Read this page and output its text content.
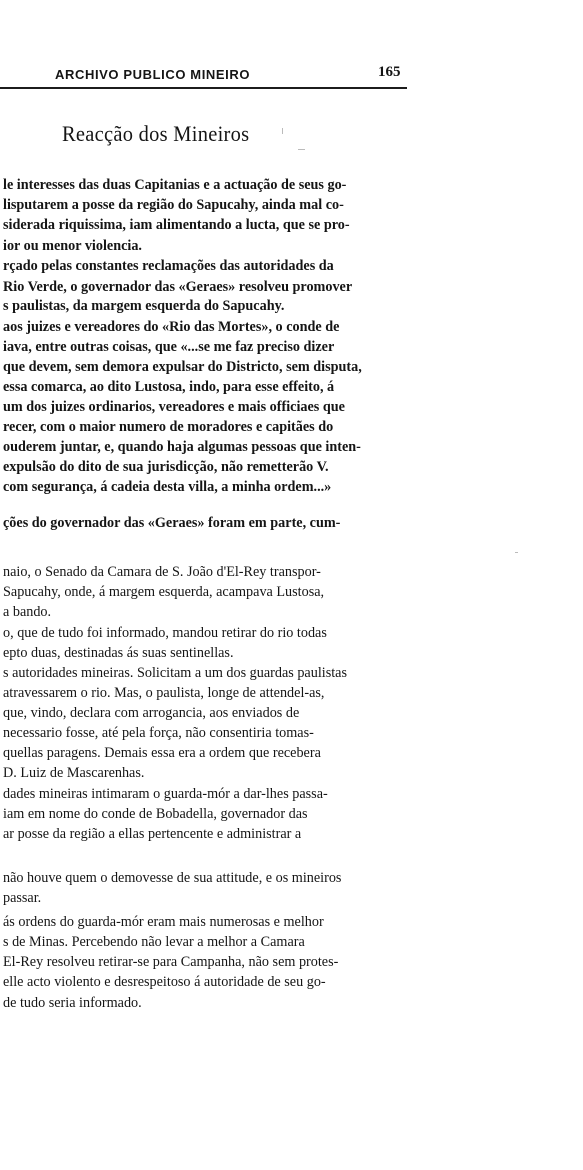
ARCHIVO PUBLICO MINEIRO	165
Reacção dos Mineiros
le interesses das duas Capitanias e a actuação de seus go-
lisputarem a posse da região do Sapucahy, ainda mal co-
siderada riquissima, iam alimentando a lucta, que se pro-
ior ou menor violencia.
rçado pelas constantes reclamações das autoridades da
Rio Verde, o governador das «Geraes» resolveu promover
s paulistas, da margem esquerda do Sapucahy.
aos juizes e vereadores do «Rio das Mortes», o conde de
iava, entre outras coisas, que «...se me faz preciso dizer
que devem, sem demora expulsar do Districto, sem disputa,
essa comarca, ao dito Lustosa, indo, para esse effeito, á
um dos juizes ordinarios, vereadores e mais officiaes que
recer, com o maior numero de moradores e capitães do
ouderem juntar, e, quando haja algumas pessoas que inten-
expulsão do dito de sua jurisdicção, não remetterão V.
com segurança, á cadeia desta villa, a minha ordem...»
ções do governador das «Geraes» foram em parte, cum-
naio, o Senado da Camara de S. João d'El-Rey transpor-
Sapucahy, onde, á margem esquerda, acampava Lustosa,
a bando.
o, que de tudo foi informado, mandou retirar do rio todas
epto duas, destinadas ás suas sentinellas.
s autoridades mineiras. Solicitam a um dos guardas paulistas
atravessarem o rio. Mas, o paulista, longe de attendel-as,
que, vindo, declara com arrogancia, aos enviados de
necessario fosse, até pela força, não consentiria tomas-
quellas paragens. Demais essa era a ordem que recebera
D. Luiz de Mascarenhas.
dades mineiras intimaram o guarda-mór a dar-lhes passa-
iam em nome do conde de Bobadella, governador das
ar posse da região a ellas pertencente e administrar a
não houve quem o demovesse de sua attitude, e os mineiros
passar.
ás ordens do guarda-mór eram mais numerosas e melhor
s de Minas. Percebendo não levar a melhor a Camara
El-Rey resolveu retirar-se para Campanha, não sem protes-
elle acto violento e desrespeitoso á autoridade de seu go-
de tudo seria informado.
